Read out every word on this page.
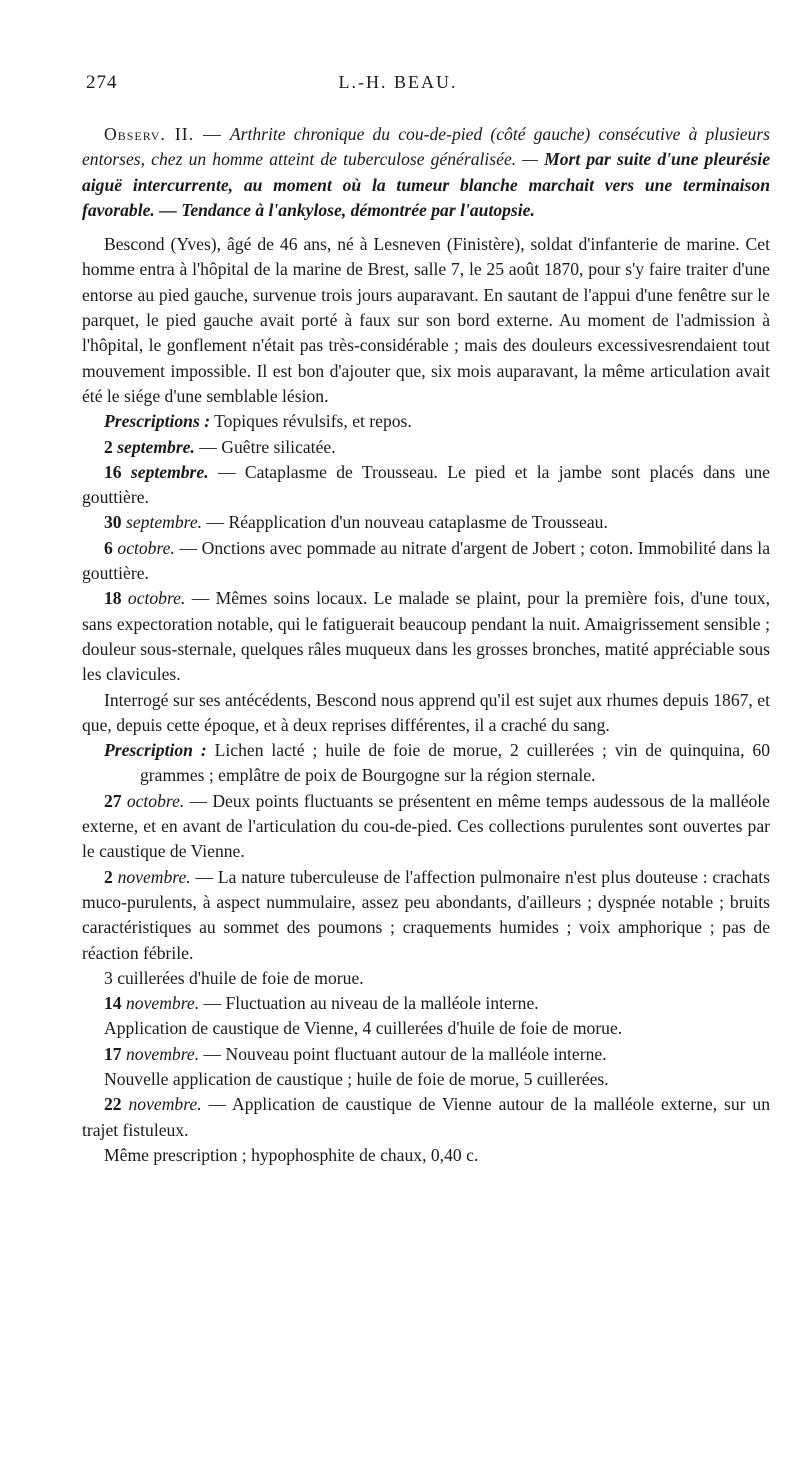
274	L.-H. BEAU.

Observ. II. — Arthrite chronique du cou-de-pied (côté gauche) consécutive à plusieurs entorses, chez un homme atteint de tuberculose généralisée. — Mort par suite d'une pleurésie aiguë intercurrente, au moment où la tumeur blanche marchait vers une terminaison favorable. — Tendance à l'ankylose, démontrée par l'autopsie.

Bescond (Yves), âgé de 46 ans, né à Lesneven (Finistère), soldat d'infanterie de marine. Cet homme entra à l'hôpital de la marine de Brest, salle 7, le 25 août 1870, pour s'y faire traiter d'une entorse au pied gauche, survenue trois jours auparavant. En sautant de l'appui d'une fenêtre sur le parquet, le pied gauche avait porté à faux sur son bord externe. Au moment de l'admission à l'hôpital, le gonflement n'était pas très-considérable ; mais des douleurs excessivesrendaient tout mouvement impossible. Il est bon d'ajouter que, six mois auparavant, la même articulation avait été le siége d'une semblable lésion.

Prescriptions : Topiques révulsifs, et repos.

2 septembre. — Guêtre silicatée.

16 septembre. — Cataplasme de Trousseau. Le pied et la jambe sont placés dans une gouttière.

30 septembre. — Réapplication d'un nouveau cataplasme de Trousseau.

6 octobre. — Onctions avec pommade au nitrate d'argent de Jobert ; coton. Immobilité dans la gouttière.

18 octobre. — Mêmes soins locaux. Le malade se plaint, pour la première fois, d'une toux, sans expectoration notable, qui le fatiguerait beaucoup pendant la nuit. Amaigrissement sensible ; douleur sous-sternale, quelques râles muqueux dans les grosses bronches, matité appréciable sous les clavicules.

Interrogé sur ses antécédents, Bescond nous apprend qu'il est sujet aux rhumes depuis 1867, et que, depuis cette époque, et à deux reprises différentes, il a craché du sang.

Prescription : Lichen lacté ; huile de foie de morue, 2 cuillerées ; vin de quinquina, 60 grammes ; emplâtre de poix de Bourgogne sur la région sternale.

27 octobre. — Deux points fluctuants se présentent en même temps audessous de la malléole externe, et en avant de l'articulation du cou-de-pied. Ces collections purulentes sont ouvertes par le caustique de Vienne.

2 novembre. — La nature tuberculeuse de l'affection pulmonaire n'est plus douteuse : crachats muco-purulents, à aspect nummulaire, assez peu abondants, d'ailleurs ; dyspnée notable ; bruits caractéristiques au sommet des poumons ; craquements humides ; voix amphorique ; pas de réaction fébrile.

3 cuillerées d'huile de foie de morue.

14 novembre. — Fluctuation au niveau de la malléole interne.

Application de caustique de Vienne, 4 cuillerées d'huile de foie de morue.

17 novembre. — Nouveau point fluctuant autour de la malléole interne.

Nouvelle application de caustique ; huile de foie de morue, 5 cuillerées.

22 novembre. — Application de caustique de Vienne autour de la malléole externe, sur un trajet fistuleux.

Même prescription ; hypophosphite de chaux, 0,40 c.
